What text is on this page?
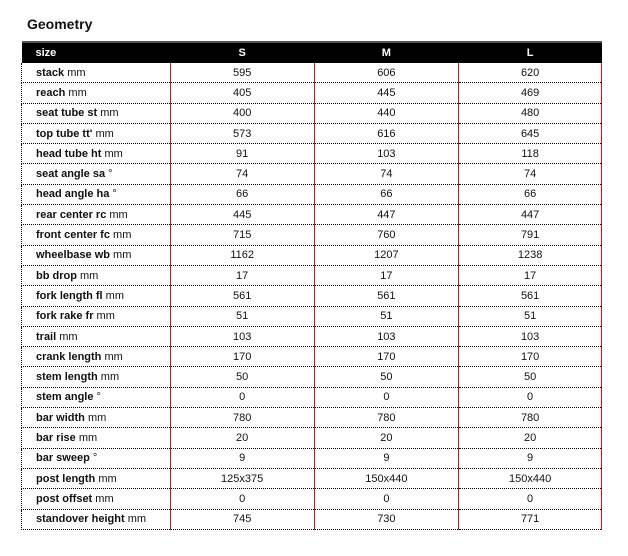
Geometry
size	S	M	L
stack mm	595	606	620
reach mm	405	445	469
seat tube st mm	400	440	480
top tube tt' mm	573	616	645
head tube ht mm	91	103	118
seat angle sa °	74	74	74
head angle ha °	66	66	66
rear center rc mm	445	447	447
front center fc mm	715	760	791
wheelbase wb mm	1162	1207	1238
bb drop mm	17	17	17
fork length fl mm	561	561	561
fork rake fr mm	51	51	51
trail mm	103	103	103
crank length mm	170	170	170
stem length mm	50	50	50
stem angle °	0	0	0
bar width mm	780	780	780
bar rise mm	20	20	20
bar sweep °	9	9	9
post length mm	125x375	150x440	150x440
post offset mm	0	0	0
standover height mm	745	730	771
